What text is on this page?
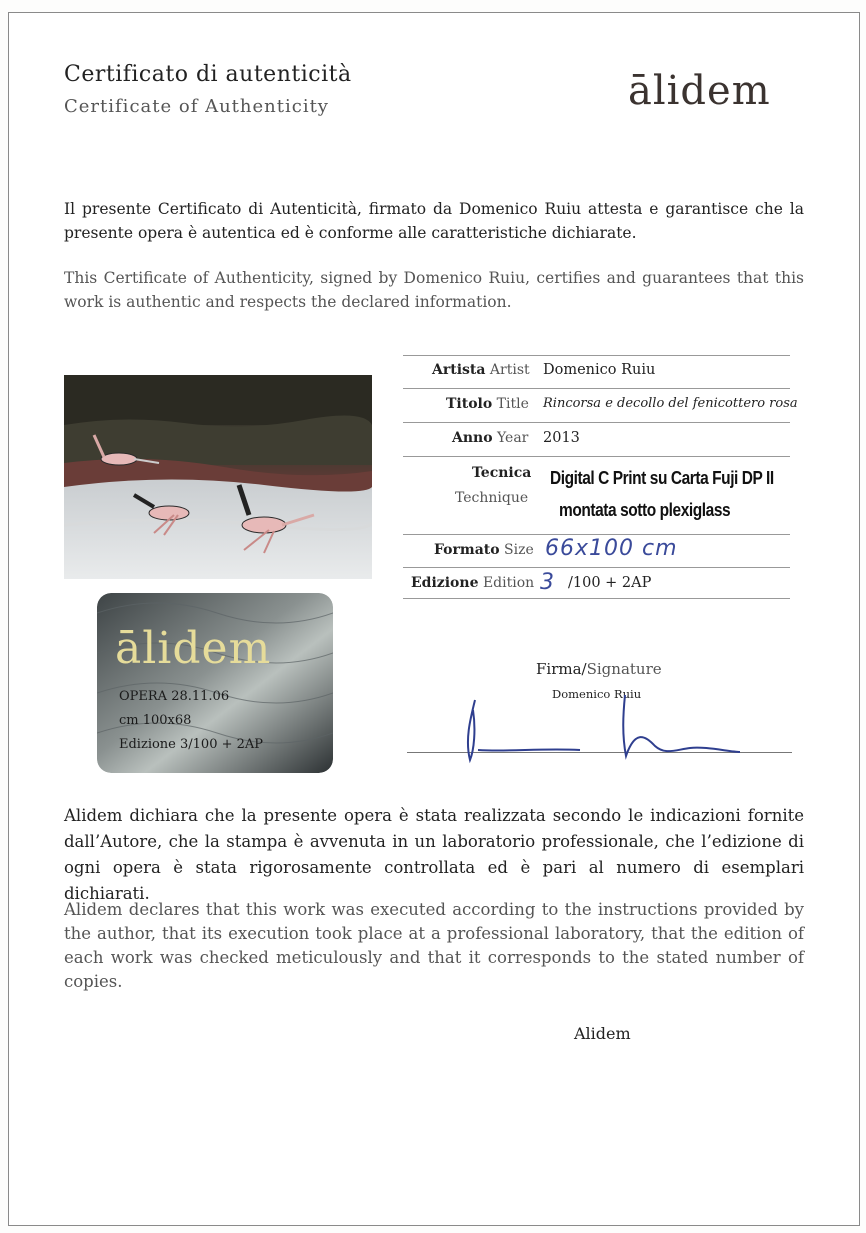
Certificato di autenticità
Certificate of Authenticity	ālidem
Il presente Certificato di Autenticità, firmato da Domenico Ruiu attesta e garantisce che la presente opera è autentica ed è conforme alle caratteristiche dichiarate.
This Certificate of Authenticity, signed by Domenico Ruiu, certifies and guarantees that this work is authentic and respects the declared information.
ālidem
OPERA 28.11.06
cm 100x68
Edizione 3/100 + 2AP
Artista Artist Domenico Ruiu
Titolo Title Rincorsa e decollo del fenicottero rosa
Anno Year 2013
Tecnica
Technique
Digital C Print su Carta Fuji DP II
montata sotto plexiglass
Formato Size 66x100 cm
Edizione Edition 3 /100 + 2AP
Firma/Signature
Domenico Ruiu
Alidem dichiara che la presente opera è stata realizzata secondo le indicazioni fornite dall’Autore, che la stampa è avvenuta in un laboratorio professionale, che l’edizione di ogni opera è stata rigorosamente controllata ed è pari al numero di esemplari dichiarati.
Alidem declares that this work was executed according to the instructions provided by the author, that its execution took place at a professional laboratory, that the edition of each work was checked meticulously and that it corresponds to the stated number of copies.
Alidem
